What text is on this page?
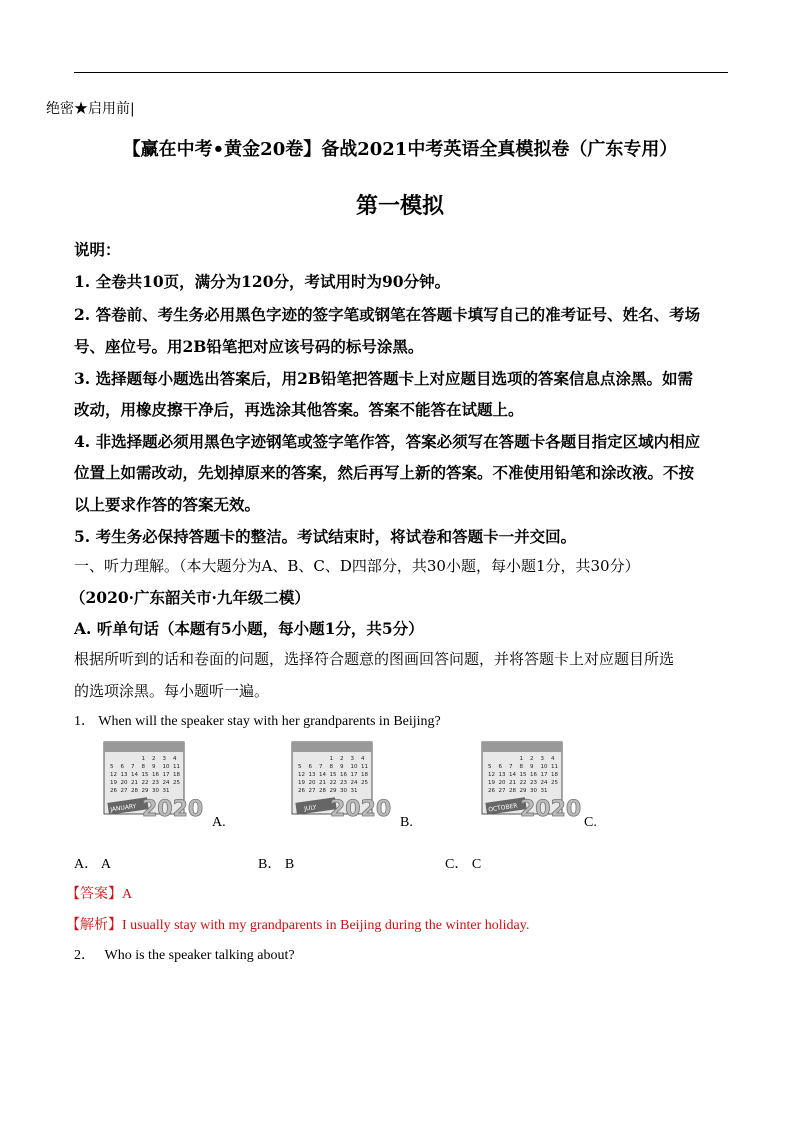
绝密★启用前|
【赢在中考•黄金20卷】备战2021中考英语全真模拟卷（广东专用）
第一模拟
说明：
1. 全卷共10页，满分为120分，考试用时为90分钟。
2. 答卷前、考生务必用黑色字迹的签字笔或钢笔在答题卡填写自己的准考证号、姓名、考场
号、座位号。用2B铅笔把对应该号码的标号涂黑。
3. 选择题每小题选出答案后，用2B铅笔把答题卡上对应题目选项的答案信息点涂黑。如需
改动，用橡皮擦干净后，再选涂其他答案。答案不能答在试题上。
4. 非选择题必须用黑色字迹钢笔或签字笔作答，答案必须写在答题卡各题目指定区域内相应
位置上如需改动，先划掉原来的答案，然后再写上新的答案。不准使用铅笔和涂改液。不按
以上要求作答的答案无效。
5. 考生务必保持答题卡的整洁。考试结束时，将试卷和答题卡一并交回。
一、听力理解。（本大题分为A、B、C、D四部分，共30小题，每小题1分，共30分）
（2020·广东韶关市·九年级二模）
A. 听单句话（本题有5小题，每小题1分，共5分）
根据所听到的话和卷面的问题，选择符合题意的图画回答问题，并将答题卡上对应题目所选
的选项涂黑。每小题听一遍。
1． When will the speaker stay with her grandparents in Beijing?
1 2 3 4
5 6 7 8 9 10 11
12 13 14 15 16 17 18
19 20 21 22 23 24 25
26 27 28 29 30 31
JANUARY 2020
A.
1 2 3 4
5 6 7 8 9 10 11
12 13 14 15 16 17 18
19 20 21 22 23 24 25
26 27 28 29 30 31
JULY 2020
B.
1 2 3 4
5 6 7 8 9 10 11
12 13 14 15 16 17 18
19 20 21 22 23 24 25
26 27 28 29 30 31
OCTOBER 2020
C.
A． A	B． B	C． C
【答案】A
【解析】I usually stay with my grandparents in Beijing during the winter holiday.
2． Who is the speaker talking about?
